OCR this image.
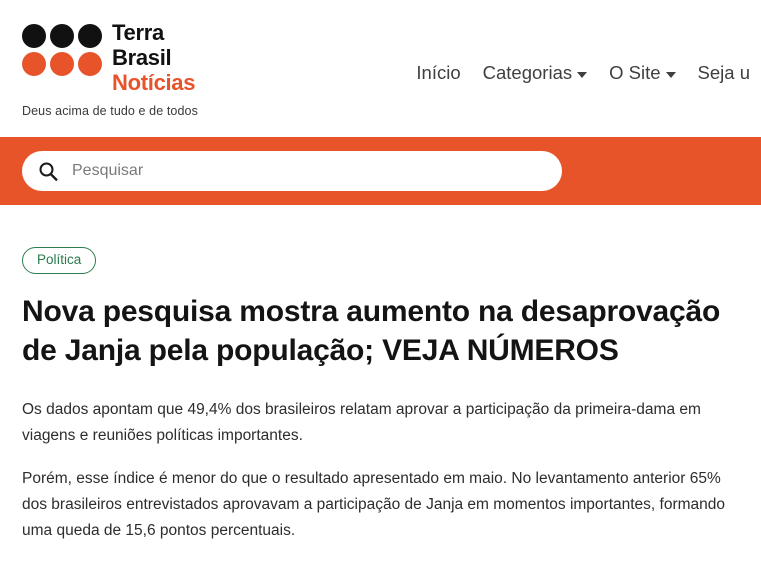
Terra
Brasil
Notícias
Deus acima de tudo e de todos
Início Categorias O Site Seja u
Pesquisar
Política
Nova pesquisa mostra aumento na desaprovação de Janja pela população; VEJA NÚMEROS

Os dados apontam que 49,4% dos brasileiros relatam aprovar a participação da primeira-dama em viagens e reuniões políticas importantes.

Porém, esse índice é menor do que o resultado apresentado em maio. No levantamento anterior 65% dos brasileiros entrevistados aprovavam a participação de Janja em momentos importantes, formando uma queda de 15,6 pontos percentuais.
